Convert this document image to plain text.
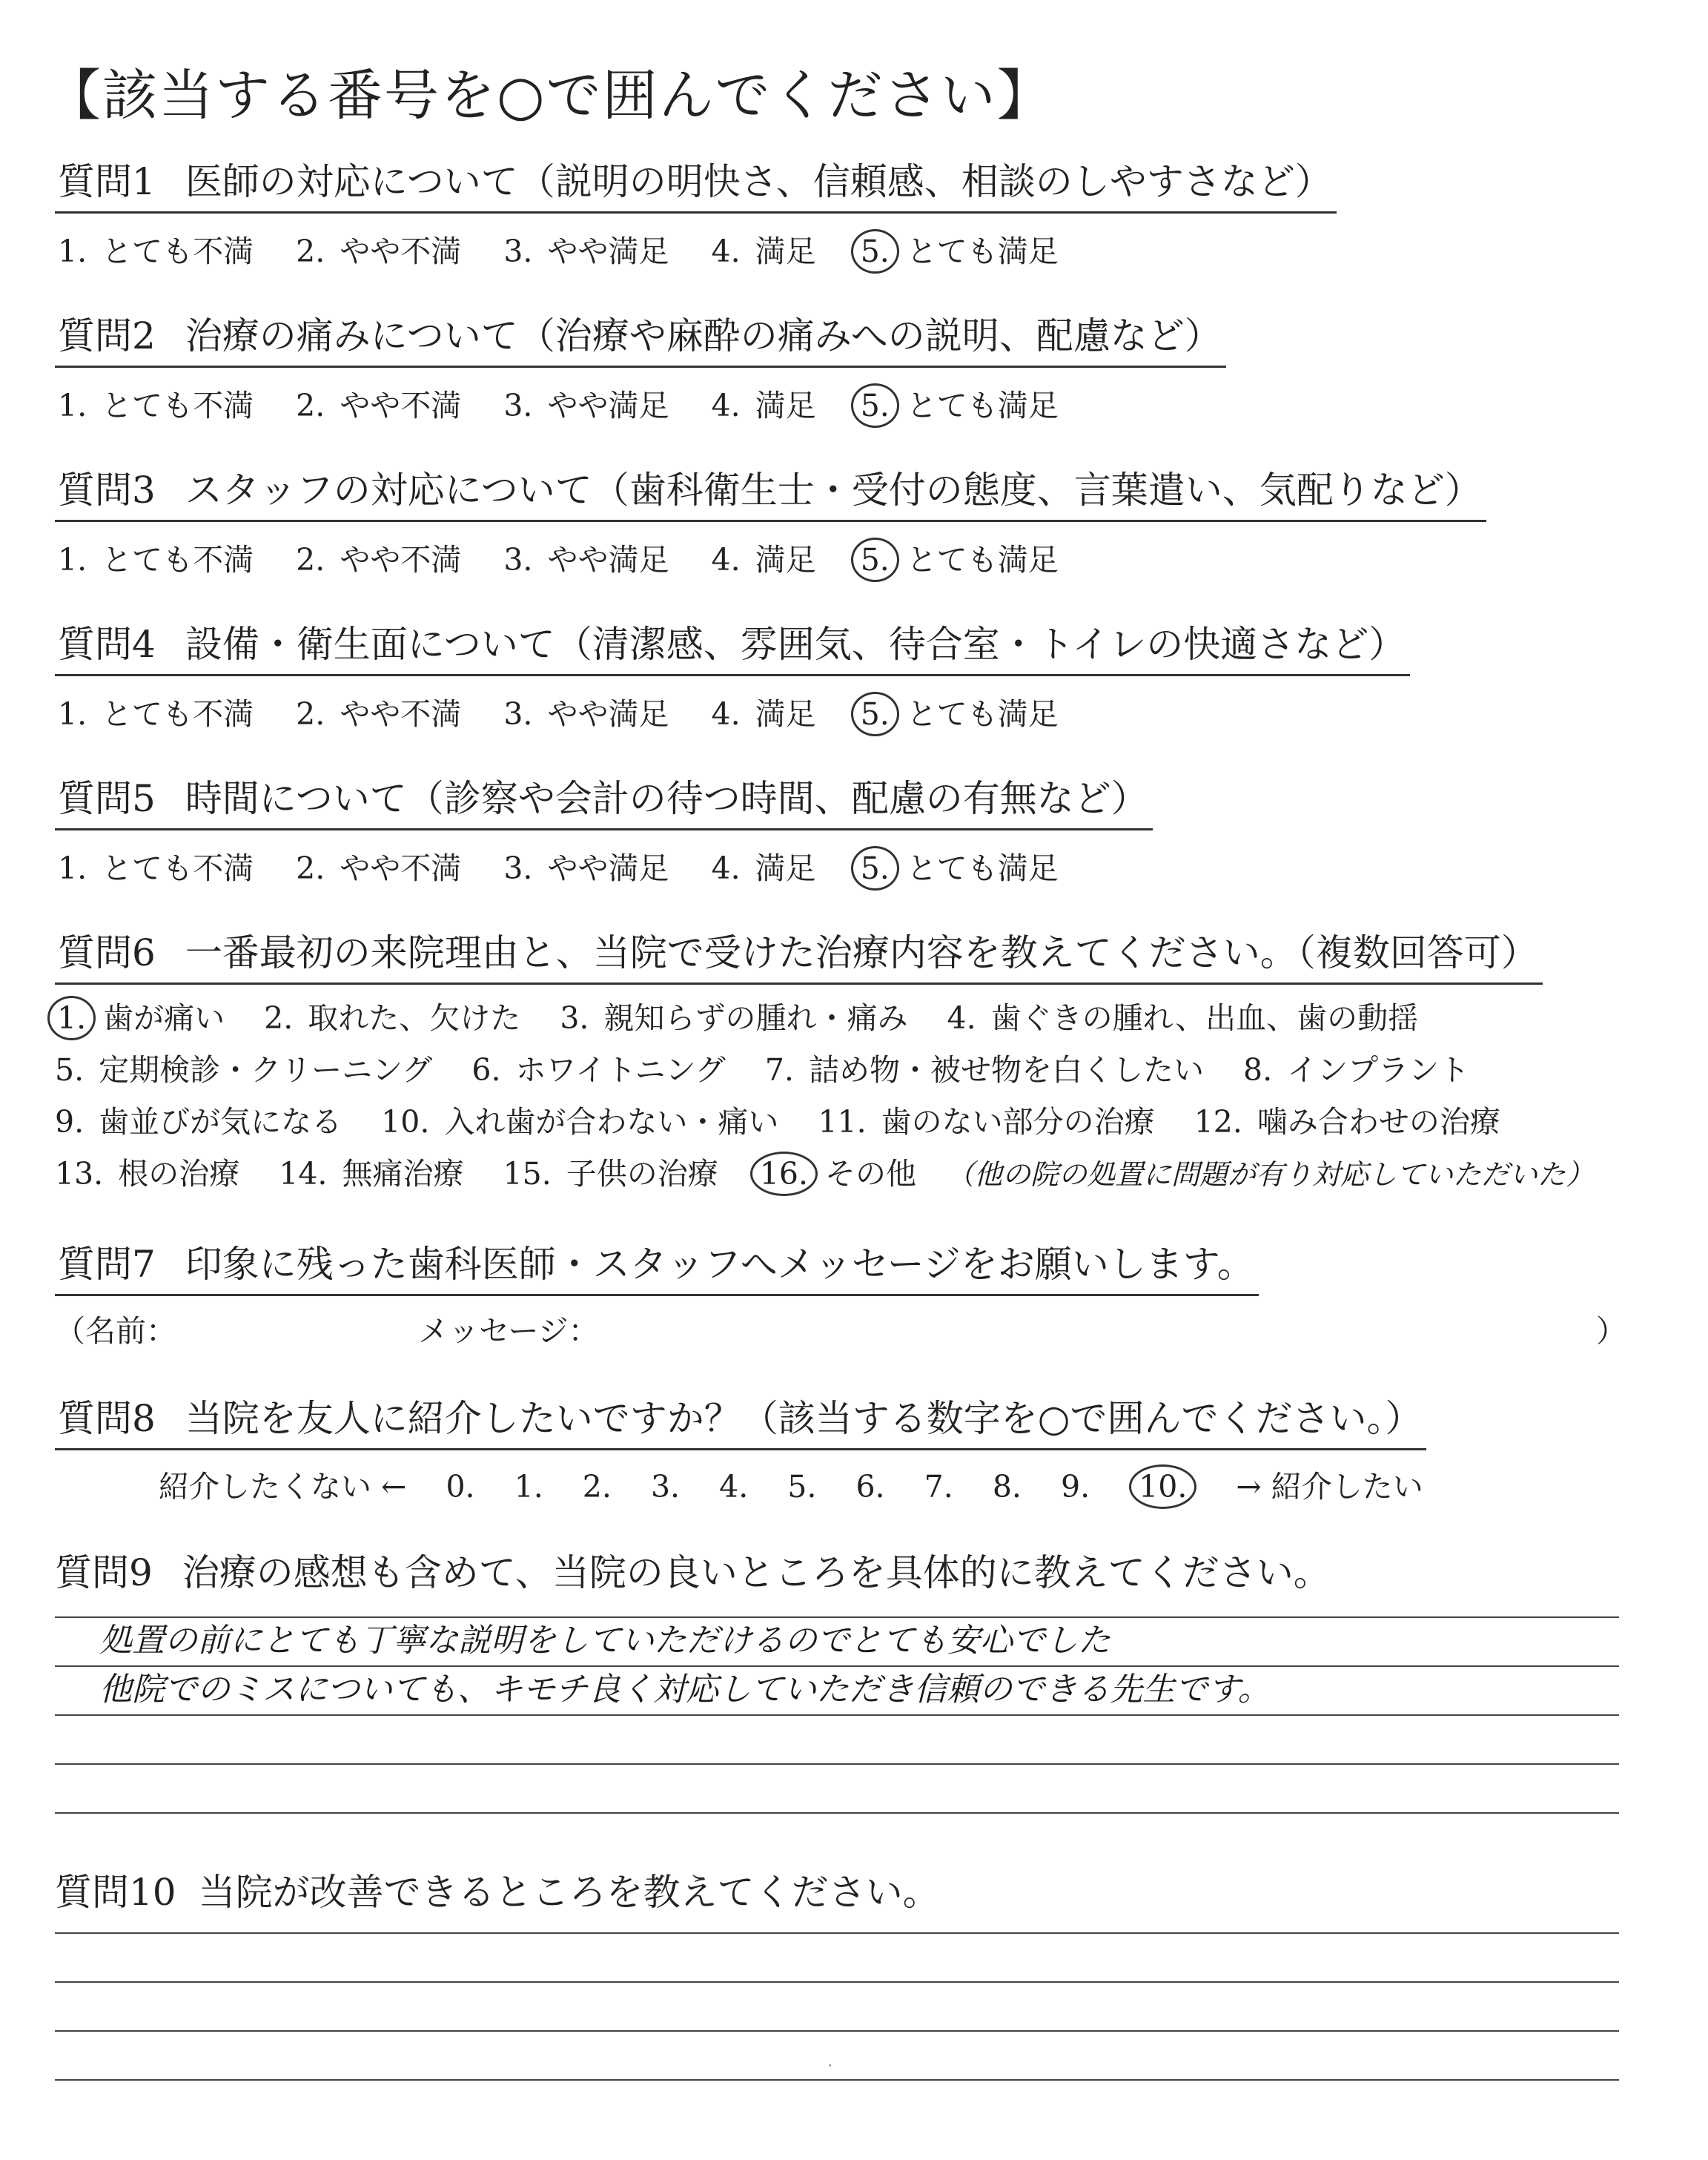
【該当する番号を○で囲んでください】
質問1 医師の対応について（説明の明快さ、信頼感、相談のしやすさなど）
1. とても不満 2. やや不満 3. やや満足 4. 満足 5. とても満足
質問2 治療の痛みについて（治療や麻酔の痛みへの説明、配慮など）
1. とても不満 2. やや不満 3. やや満足 4. 満足 5. とても満足
質問3 スタッフの対応について（歯科衛生士・受付の態度、言葉遣い、気配りなど）
1. とても不満 2. やや不満 3. やや満足 4. 満足 5. とても満足
質問4 設備・衛生面について（清潔感、雰囲気、待合室・トイレの快適さなど）
1. とても不満 2. やや不満 3. やや満足 4. 満足 5. とても満足
質問5 時間について（診察や会計の待つ時間、配慮の有無など）
1. とても不満 2. やや不満 3. やや満足 4. 満足 5. とても満足
質問6 一番最初の来院理由と、当院で受けた治療内容を教えてください。（複数回答可）
1. 歯が痛い 2. 取れた、欠けた 3. 親知らずの腫れ・痛み 4. 歯ぐきの腫れ、出血、歯の動揺
5. 定期検診・クリーニング 6. ホワイトニング 7. 詰め物・被せ物を白くしたい 8. インプラント
9. 歯並びが気になる 10. 入れ歯が合わない・痛い 11. 歯のない部分の治療 12. 噛み合わせの治療
13. 根の治療 14. 無痛治療 15. 子供の治療 16. その他 （他の院の処置に問題が有り対応していただいた）
質問7 印象に残った歯科医師・スタッフへメッセージをお願いします。
（名前：	メッセージ：	）
質問8 当院を友人に紹介したいですか？（該当する数字を○で囲んでください。）
紹介したくない ← 0. 1. 2. 3. 4. 5. 6. 7. 8. 9. 10. → 紹介したい
質問9 治療の感想も含めて、当院の良いところを具体的に教えてください。
処置の前にとても丁寧な説明をしていただけるのでとても安心でした
他院でのミスについても、キモチ良く対応していただき信頼のできる先生です。
質問10 当院が改善できるところを教えてください。
